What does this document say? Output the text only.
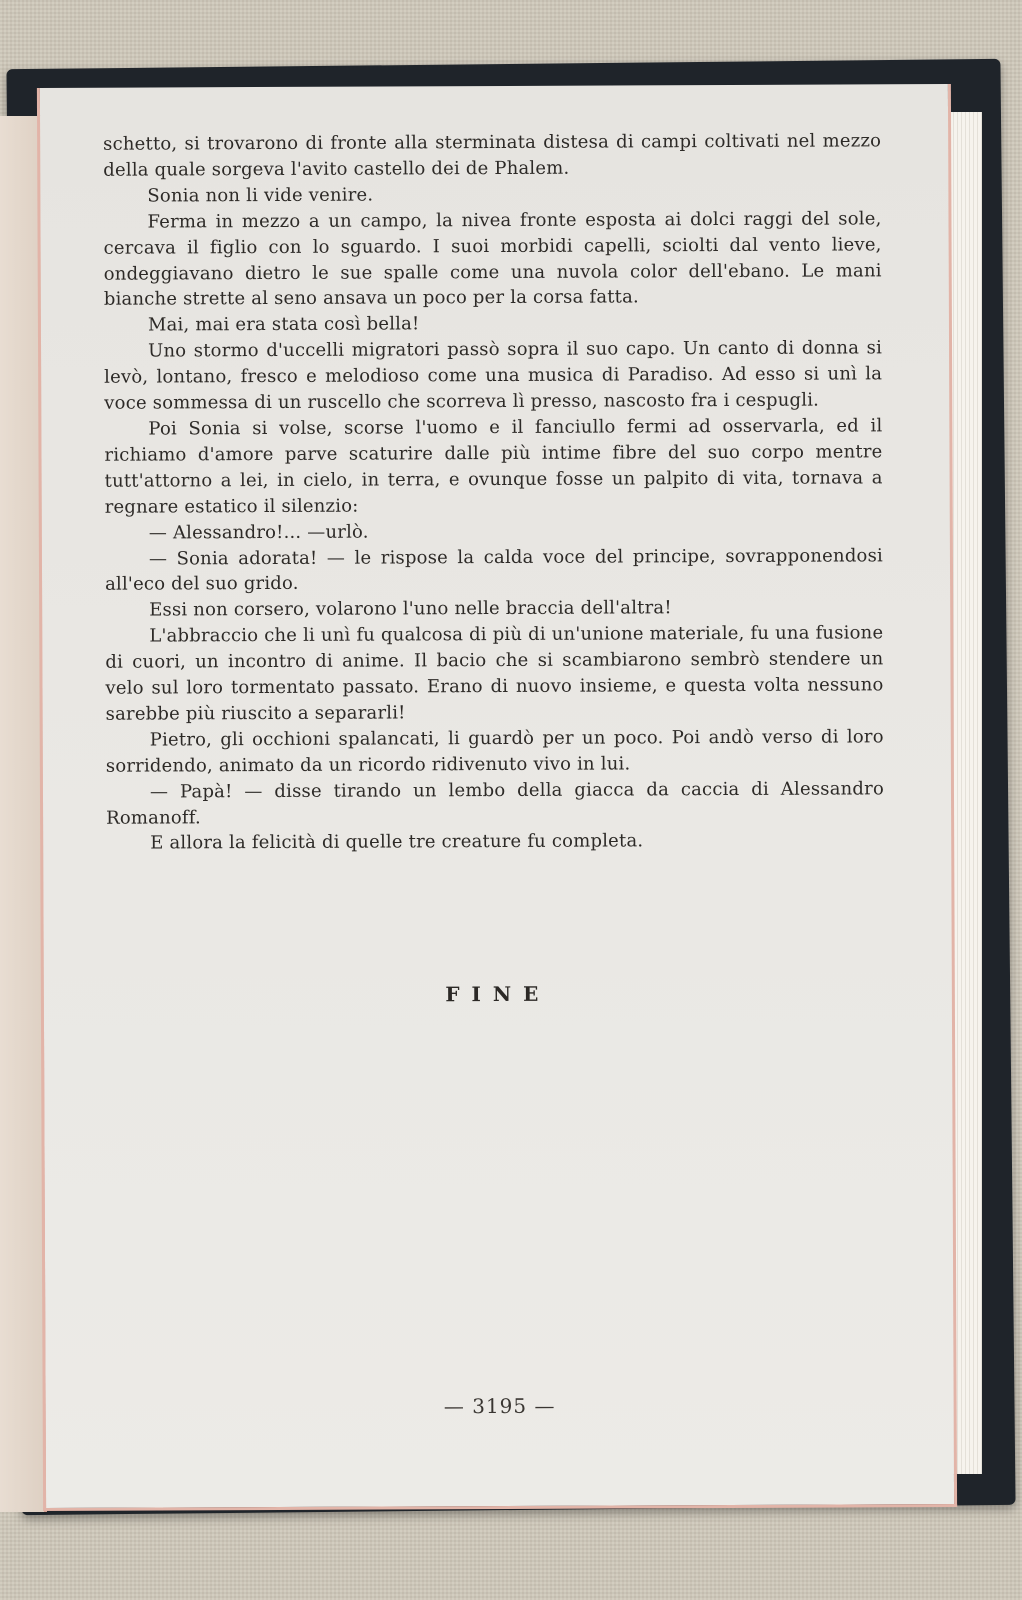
schetto, si trovarono di fronte alla sterminata distesa di campi coltivati nel mezzo della quale sorgeva l'avito castello dei de Phalem.

Sonia non li vide venire.

Ferma in mezzo a un campo, la nivea fronte esposta ai dolci raggi del sole, cercava il figlio con lo sguardo. I suoi morbidi capelli, sciolti dal vento lieve, ondeggiavano dietro le sue spalle come una nuvola color dell'ebano. Le mani bianche strette al seno ansava un poco per la corsa fatta.

Mai, mai era stata così bella!

Uno stormo d'uccelli migratori passò sopra il suo capo. Un canto di donna si levò, lontano, fresco e melodioso come una musica di Paradiso. Ad esso si unì la voce sommessa di un ruscello che scorreva lì presso, nascosto fra i cespugli.

Poi Sonia si volse, scorse l'uomo e il fanciullo fermi ad osservarla, ed il richiamo d'amore parve scaturire dalle più intime fibre del suo corpo mentre tutt'attorno a lei, in cielo, in terra, e ovunque fosse un palpito di vita, tornava a regnare estatico il silenzio:

— Alessandro!... —urlò.

— Sonia adorata! — le rispose la calda voce del principe, sovrapponendosi all'eco del suo grido.

Essi non corsero, volarono l'uno nelle braccia dell'altra!

L'abbraccio che li unì fu qualcosa di più di un'unione materiale, fu una fusione di cuori, un incontro di anime. Il bacio che si scambiarono sembrò stendere un velo sul loro tormentato passato. Erano di nuovo insieme, e questa volta nessuno sarebbe più riuscito a separarli!

Pietro, gli occhioni spalancati, li guardò per un poco. Poi andò verso di loro sorridendo, animato da un ricordo ridivenuto vivo in lui.

— Papà! — disse tirando un lembo della giacca da caccia di Alessandro Romanoff.

E allora la felicità di quelle tre creature fu completa.

FINE
— 3195 —
